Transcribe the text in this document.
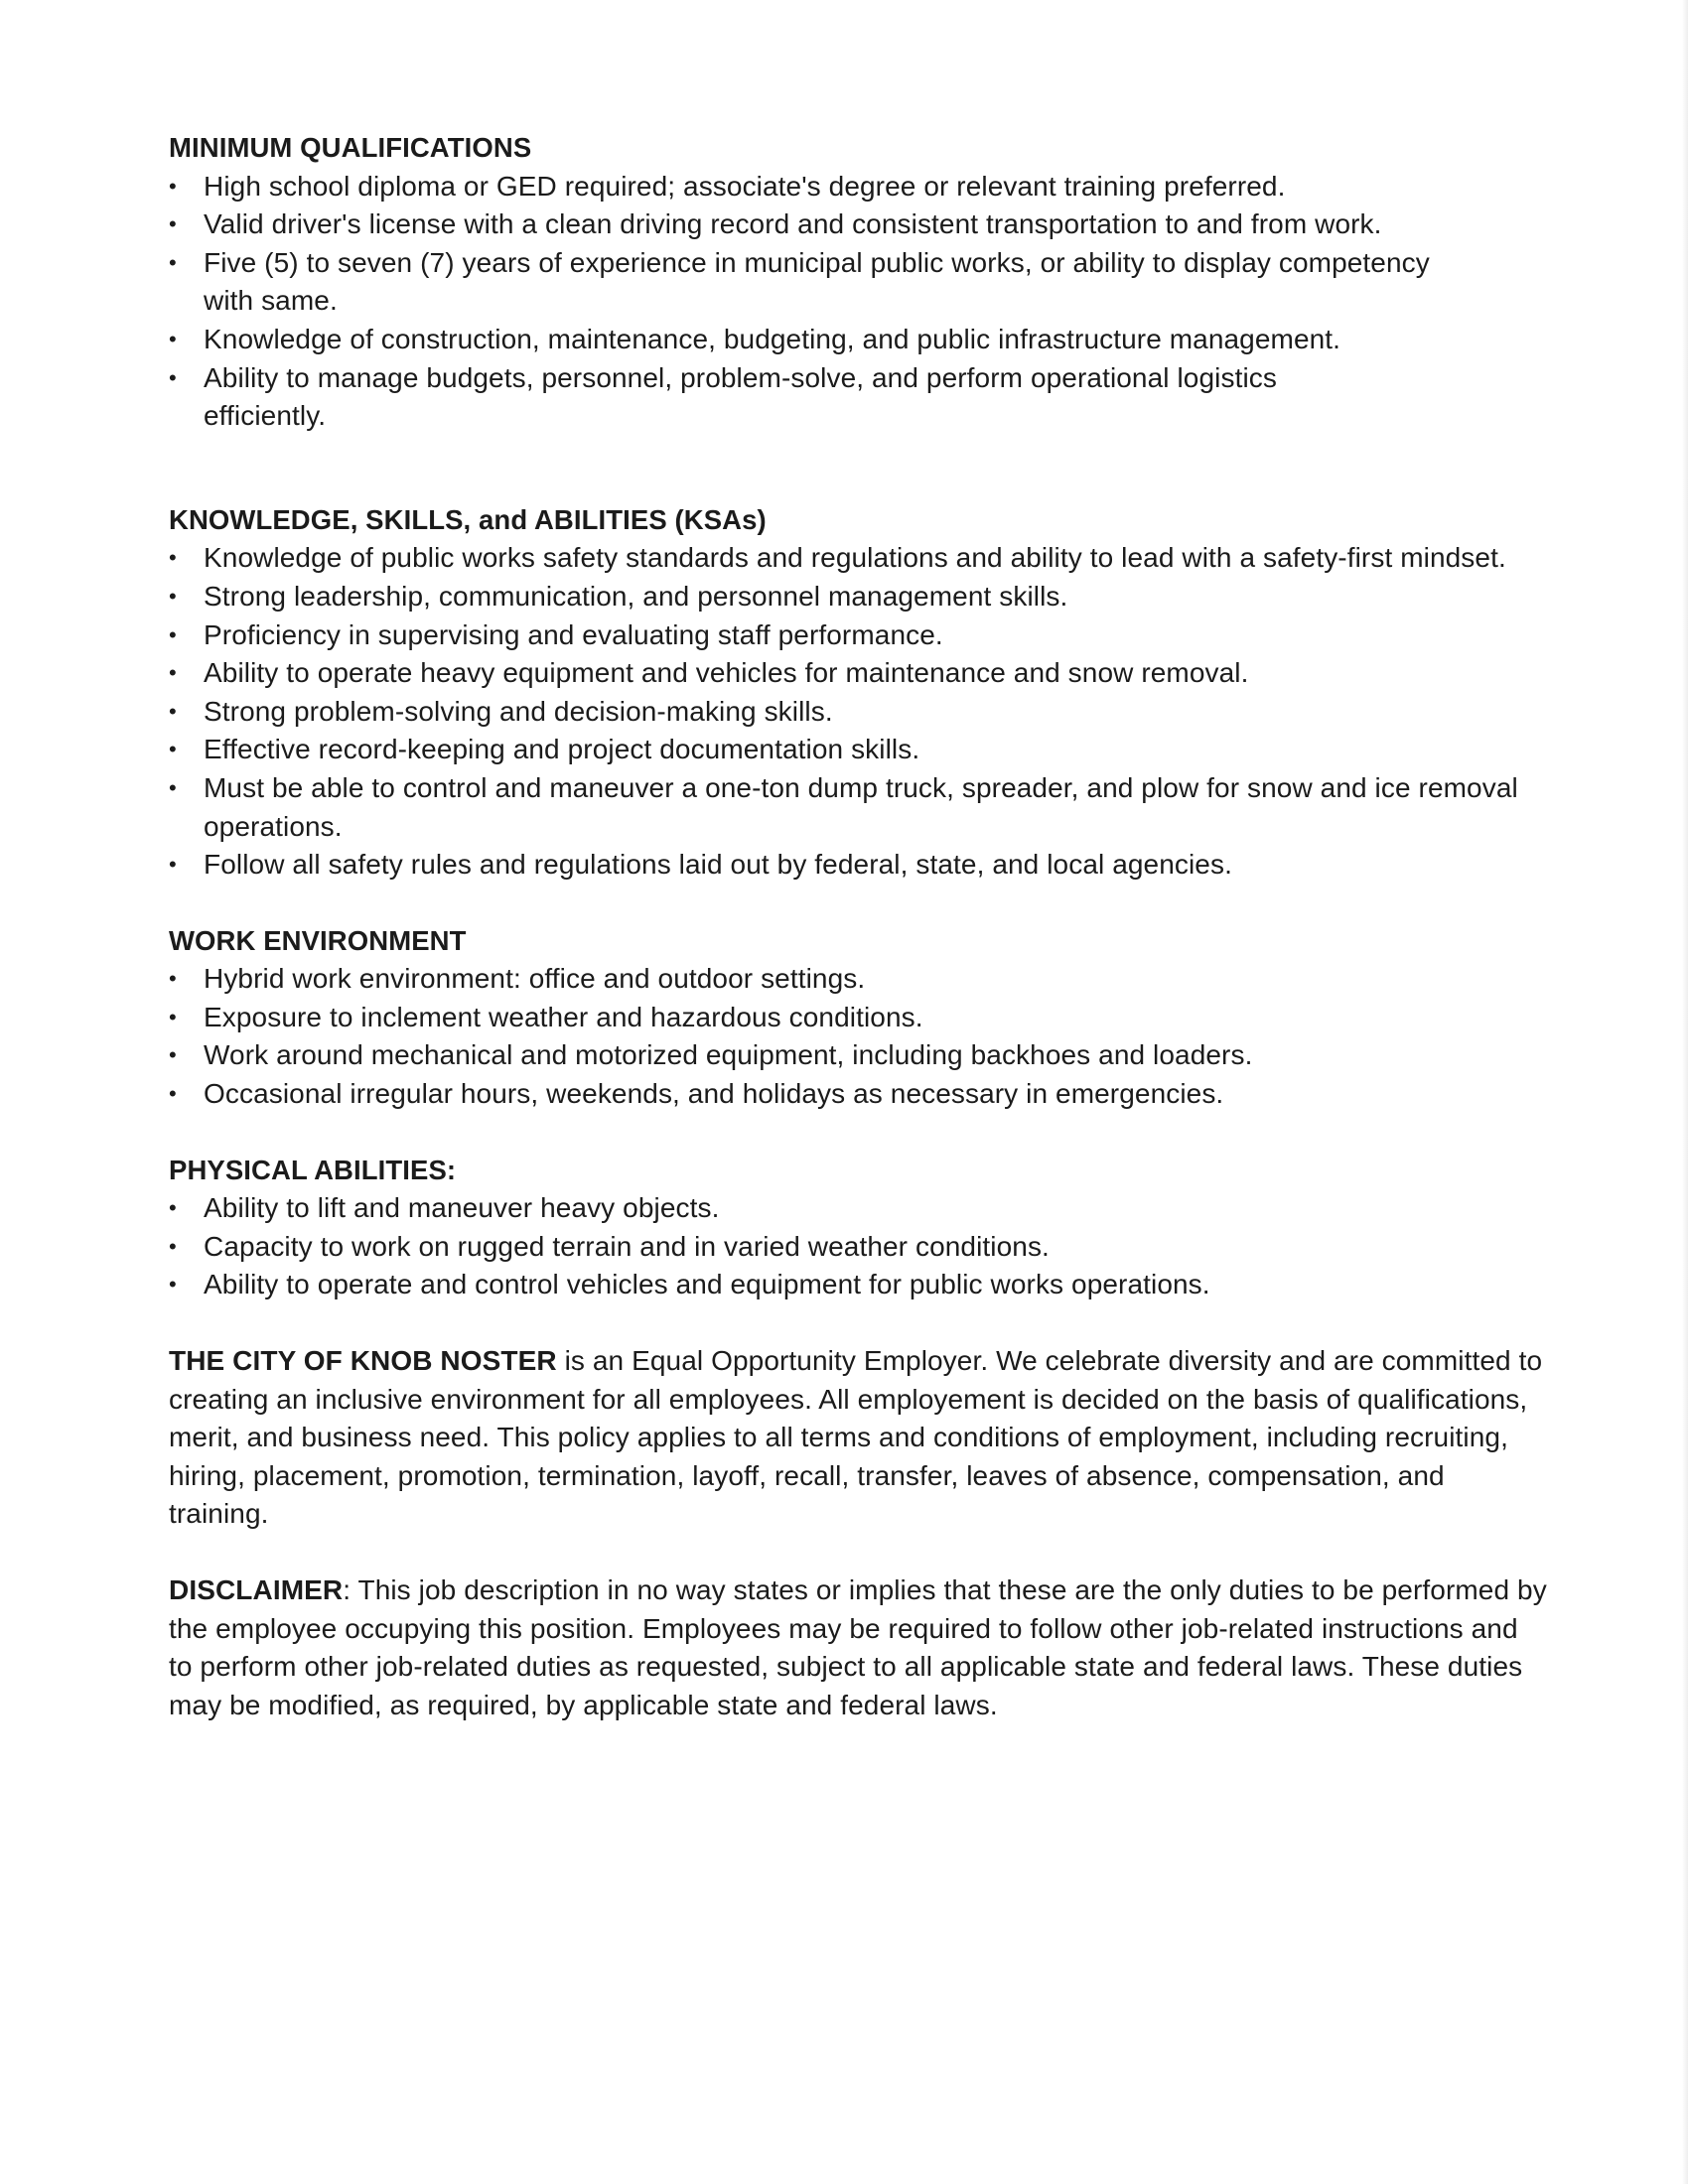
MINIMUM QUALIFICATIONS
• High school diploma or GED required; associate's degree or relevant training preferred.
• Valid driver's license with a clean driving record and consistent transportation to and from work.
• Five (5) to seven (7) years of experience in municipal public works, or ability to display competency with same.
• Knowledge of construction, maintenance, budgeting, and public infrastructure management.
• Ability to manage budgets, personnel, problem-solve, and perform operational logistics efficiently.
KNOWLEDGE, SKILLS, and ABILITIES (KSAs)
• Knowledge of public works safety standards and regulations and ability to lead with a safety-first mindset.
• Strong leadership, communication, and personnel management skills.
• Proficiency in supervising and evaluating staff performance.
• Ability to operate heavy equipment and vehicles for maintenance and snow removal.
• Strong problem-solving and decision-making skills.
• Effective record-keeping and project documentation skills.
• Must be able to control and maneuver a one-ton dump truck, spreader, and plow for snow and ice removal operations.
• Follow all safety rules and regulations laid out by federal, state, and local agencies.
WORK ENVIRONMENT
• Hybrid work environment: office and outdoor settings.
• Exposure to inclement weather and hazardous conditions.
• Work around mechanical and motorized equipment, including backhoes and loaders.
• Occasional irregular hours, weekends, and holidays as necessary in emergencies.
PHYSICAL ABILITIES:
• Ability to lift and maneuver heavy objects.
• Capacity to work on rugged terrain and in varied weather conditions.
• Ability to operate and control vehicles and equipment for public works operations.

THE CITY OF KNOB NOSTER is an Equal Opportunity Employer. We celebrate diversity and are committed to creating an inclusive environment for all employees. All employement is decided on the basis of qualifications, merit, and business need. This policy applies to all terms and conditions of employment, including recruiting, hiring, placement, promotion, termination, layoff, recall, transfer, leaves of absence, compensation, and training.

DISCLAIMER: This job description in no way states or implies that these are the only duties to be performed by the employee occupying this position. Employees may be required to follow other job-related instructions and to perform other job-related duties as requested, subject to all applicable state and federal laws. These duties may be modified, as required, by applicable state and federal laws.
